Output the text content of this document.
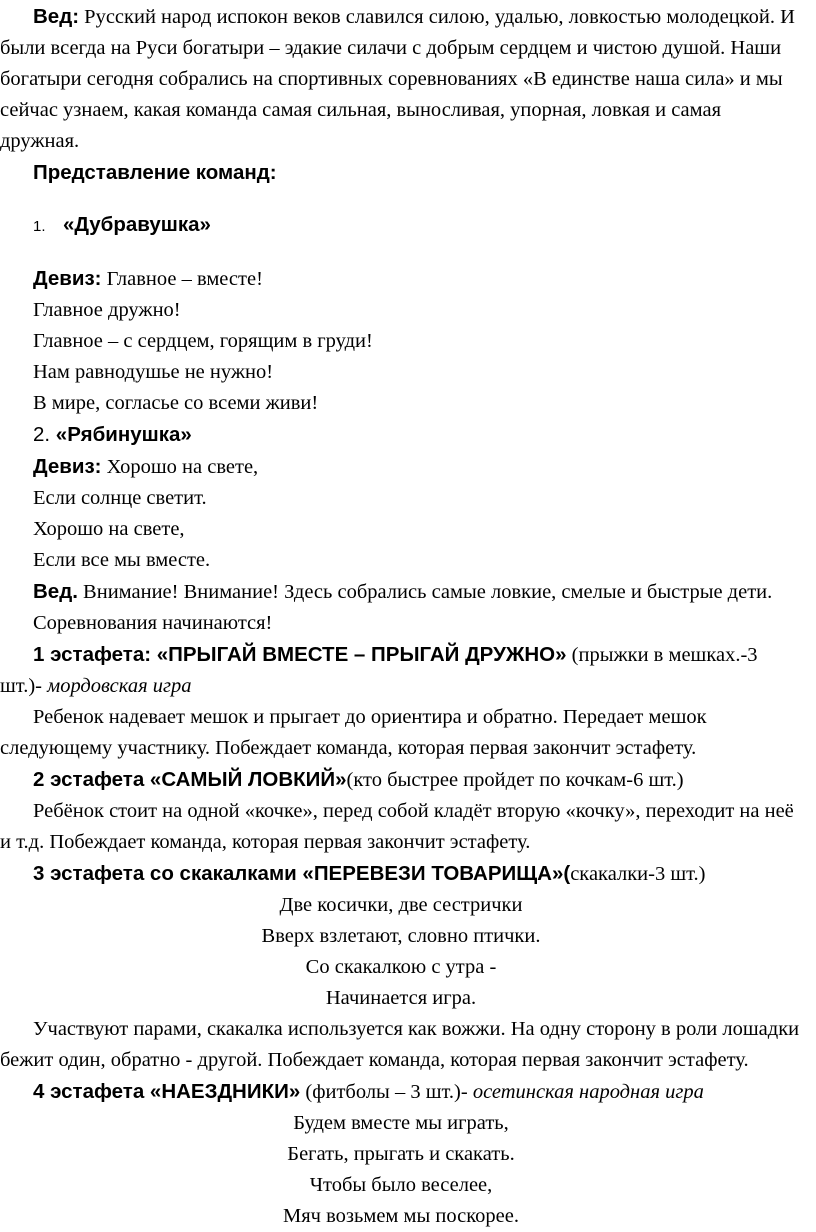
Вед: Русский народ испокон веков славился силою, удалью, ловкостью молодецкой. И были всегда на Руси богатыри – эдакие силачи с добрым сердцем и чистою душой. Наши богатыри сегодня собрались на спортивных соревнованиях «В единстве наша сила» и мы сейчас узнаем, какая команда самая сильная, выносливая, упорная, ловкая и самая дружная.

Представление команд:

1. «Дубравушка»

Девиз: Главное – вместе!

Главное дружно!

Главное – с сердцем, горящим в груди!

Нам равнодушье не нужно!

В мире, согласье со всеми живи!

2. «Рябинушка»

Девиз: Хорошо на свете,

Если солнце светит.

Хорошо на свете,

Если все мы вместе.

Вед. Внимание! Внимание! Здесь собрались самые ловкие, смелые и быстрые дети.

Соревнования начинаются!

1 эстафета: «ПРЫГАЙ ВМЕСТЕ – ПРЫГАЙ ДРУЖНО» (прыжки в мешках.-3 шт.)- мордовская игра

Ребенок надевает мешок и прыгает до ориентира и обратно. Передает мешок следующему участнику. Побеждает команда, которая первая закончит эстафету.

2 эстафета «САМЫЙ ЛОВКИЙ»(кто быстрее пройдет по кочкам-6 шт.)

Ребёнок стоит на одной «кочке», перед собой кладёт вторую «кочку», переходит на неё и т.д. Побеждает команда, которая первая закончит эстафету.

3 эстафета со скакалками «ПЕРЕВЕЗИ ТОВАРИЩА»(скакалки-3 шт.)

Две косички, две сестрички

Вверх взлетают, словно птички.

Со скакалкою с утра -

Начинается игра.

Участвуют парами, скакалка используется как вожжи. На одну сторону в роли лошадки бежит один, обратно - другой. Побеждает команда, которая первая закончит эстафету.

4 эстафета «НАЕЗДНИКИ» (фитболы – 3 шт.)- осетинская народная игра

Будем вместе мы играть,

Бегать, прыгать и скакать.

Чтобы было веселее,

Мяч возьмем мы поскорее.
